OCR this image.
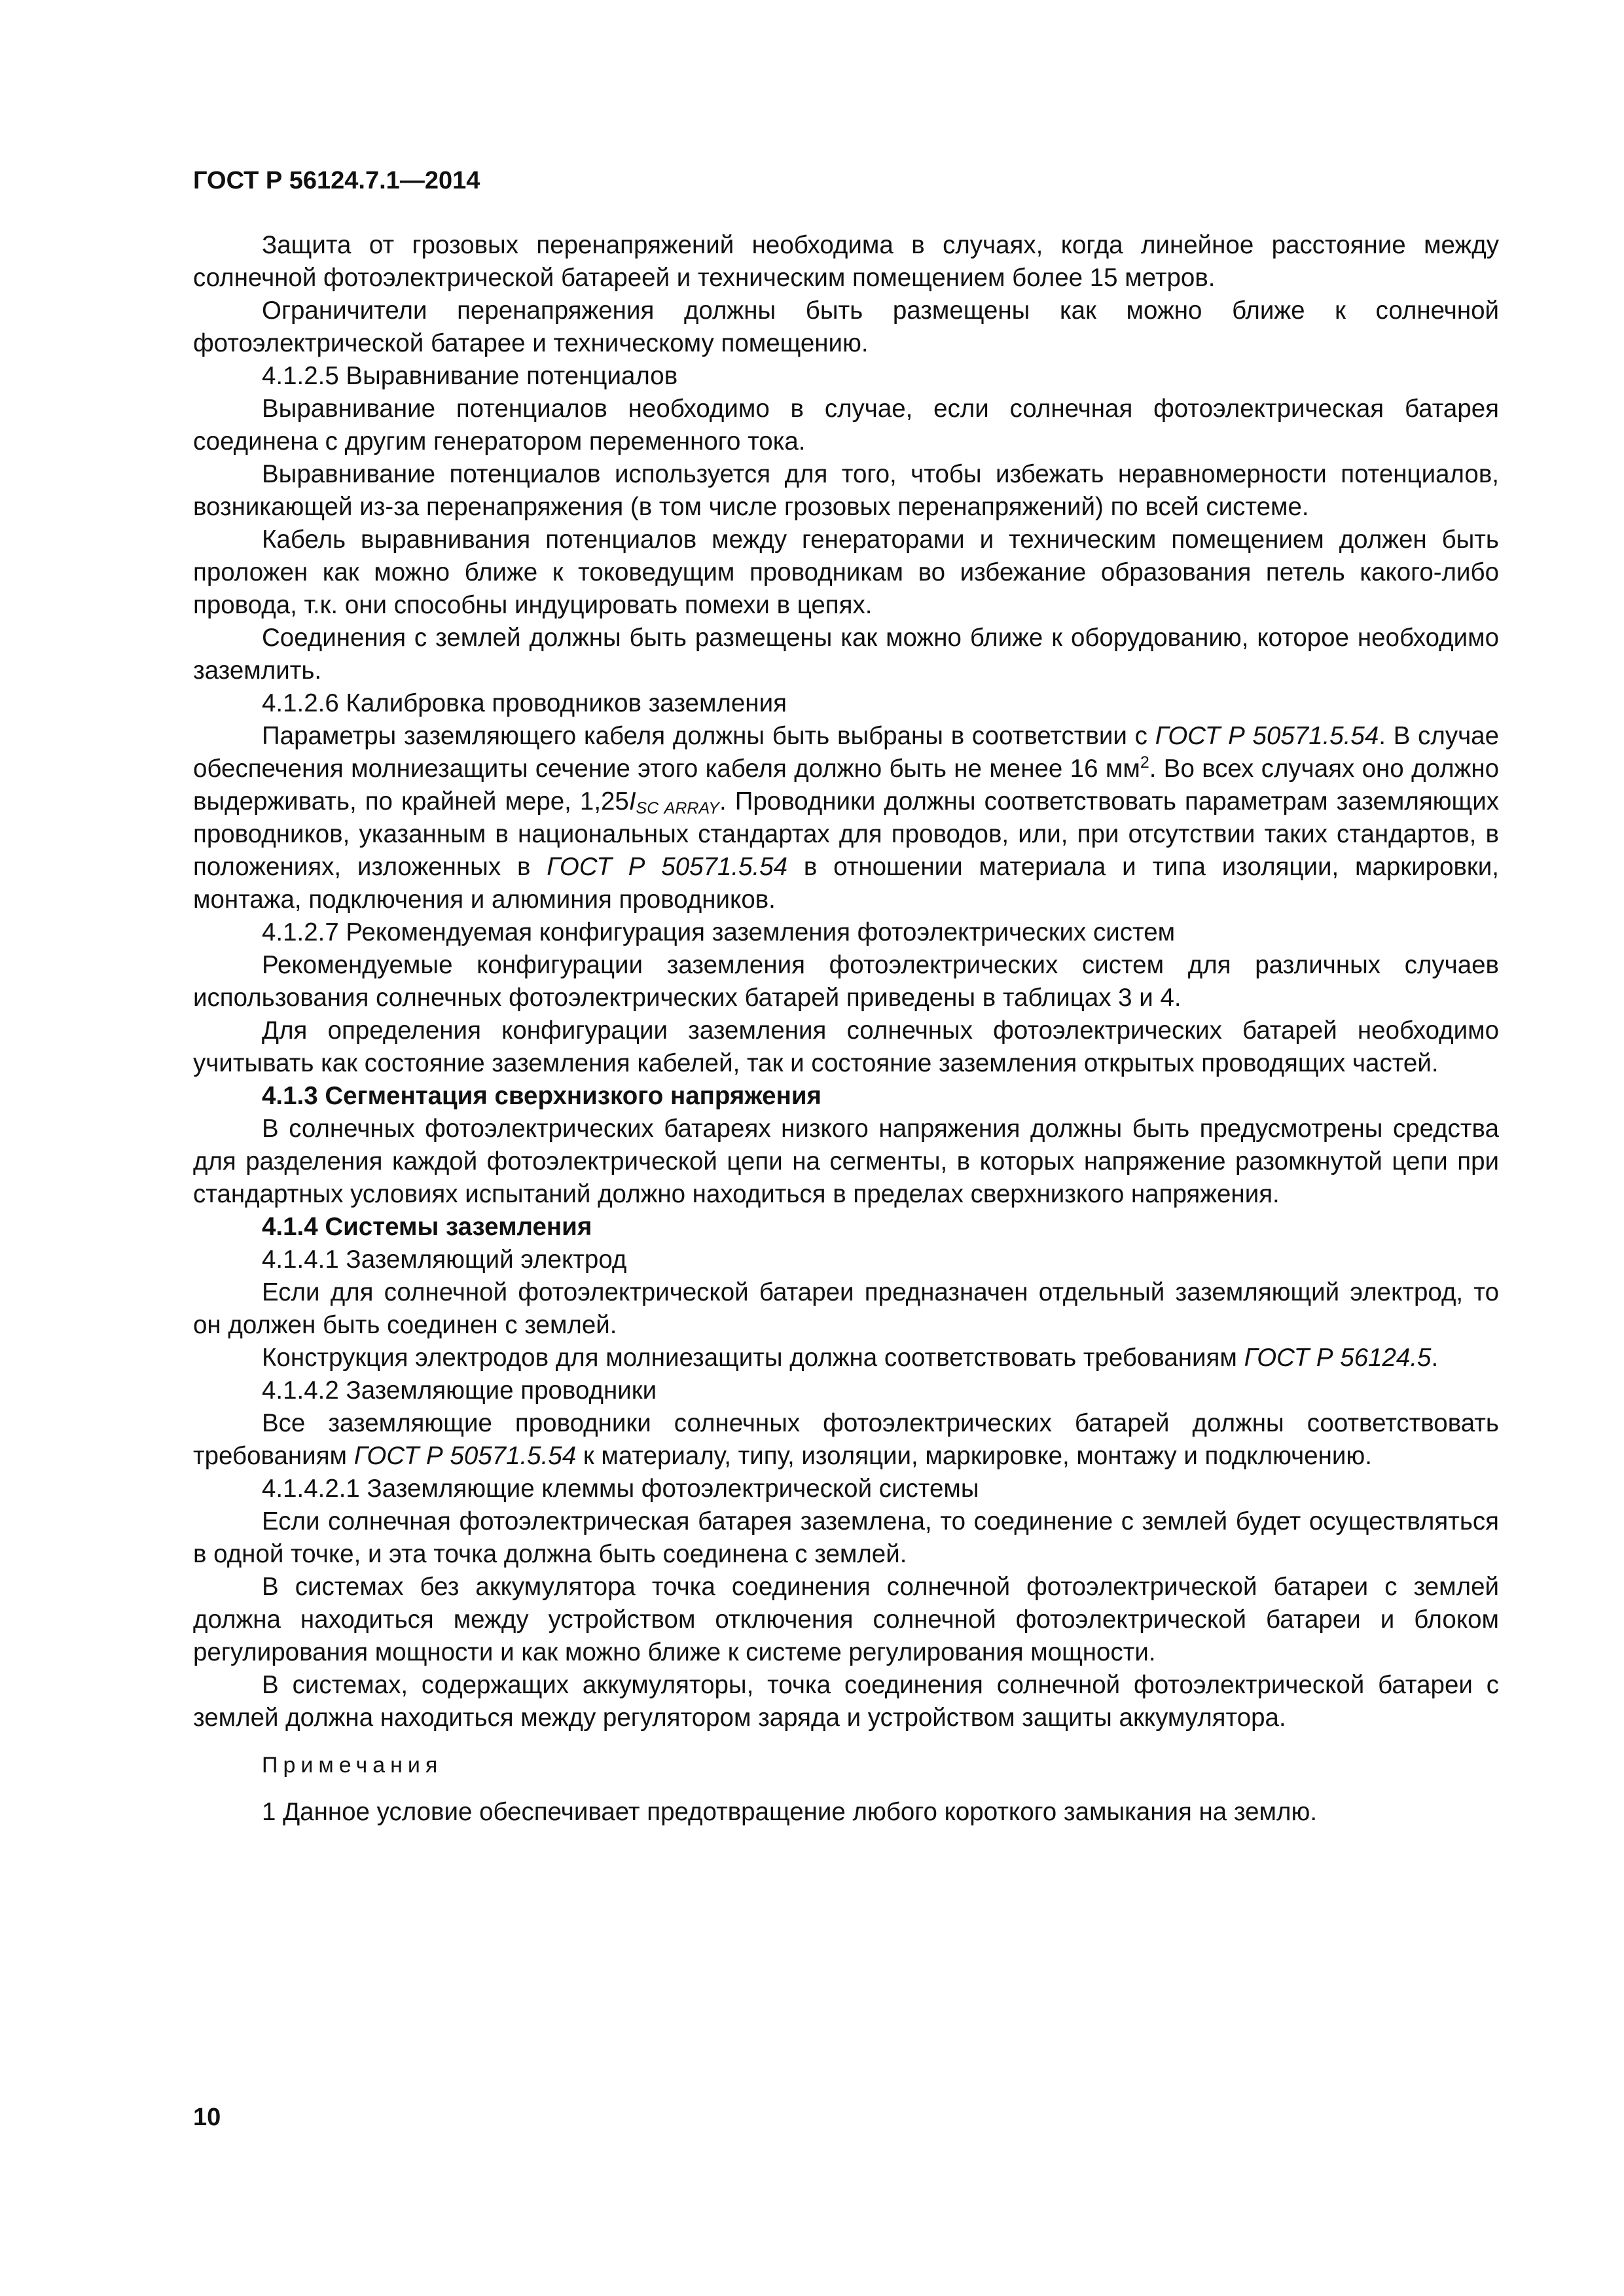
ГОСТ Р 56124.7.1—2014

Защита от грозовых перенапряжений необходима в случаях, когда линейное расстояние между солнечной фотоэлектрической батареей и техническим помещением более 15 метров.

Ограничители перенапряжения должны быть размещены как можно ближе к солнечной фотоэлектрической батарее и техническому помещению.

4.1.2.5 Выравнивание потенциалов

Выравнивание потенциалов необходимо в случае, если солнечная фотоэлектрическая батарея соединена с другим генератором переменного тока.

Выравнивание потенциалов используется для того, чтобы избежать неравномерности потенциалов, возникающей из-за перенапряжения (в том числе грозовых перенапряжений) по всей системе.

Кабель выравнивания потенциалов между генераторами и техническим помещением должен быть проложен как можно ближе к токоведущим проводникам во избежание образования петель какого-либо провода, т.к. они способны индуцировать помехи в цепях.

Соединения с землей должны быть размещены как можно ближе к оборудованию, которое необходимо заземлить.

4.1.2.6 Калибровка проводников заземления

Параметры заземляющего кабеля должны быть выбраны в соответствии с ГОСТ Р 50571.5.54. В случае обеспечения молниезащиты сечение этого кабеля должно быть не менее 16 $мм^2$. Во всех случаях оно должно выдерживать, по крайней мере, $1,25I_{SC ARRAY}$. Проводники должны соответствовать параметрам заземляющих проводников, указанным в национальных стандартах для проводов, или, при отсутствии таких стандартов, в положениях, изложенных в ГОСТ Р 50571.5.54 в отношении материала и типа изоляции, маркировки, монтажа, подключения и алюминия проводников.

4.1.2.7 Рекомендуемая конфигурация заземления фотоэлектрических систем

Рекомендуемые конфигурации заземления фотоэлектрических систем для различных случаев использования солнечных фотоэлектрических батарей приведены в таблицах 3 и 4.

Для определения конфигурации заземления солнечных фотоэлектрических батарей необходимо учитывать как состояние заземления кабелей, так и состояние заземления открытых проводящих частей.

4.1.3 Сегментация сверхнизкого напряжения

В солнечных фотоэлектрических батареях низкого напряжения должны быть предусмотрены средства для разделения каждой фотоэлектрической цепи на сегменты, в которых напряжение разомкнутой цепи при стандартных условиях испытаний должно находиться в пределах сверхнизкого напряжения.

4.1.4 Системы заземления

4.1.4.1 Заземляющий электрод

Если для солнечной фотоэлектрической батареи предназначен отдельный заземляющий электрод, то он должен быть соединен с землей.

Конструкция электродов для молниезащиты должна соответствовать требованиям ГОСТ Р 56124.5.

4.1.4.2 Заземляющие проводники

Все заземляющие проводники солнечных фотоэлектрических батарей должны соответствовать требованиям ГОСТ Р 50571.5.54 к материалу, типу, изоляции, маркировке, монтажу и подключению.

4.1.4.2.1 Заземляющие клеммы фотоэлектрической системы

Если солнечная фотоэлектрическая батарея заземлена, то соединение с землей будет осуществляться в одной точке, и эта точка должна быть соединена с землей.

В системах без аккумулятора точка соединения солнечной фотоэлектрической батареи с землей должна находиться между устройством отключения солнечной фотоэлектрической батареи и блоком регулирования мощности и как можно ближе к системе регулирования мощности.

В системах, содержащих аккумуляторы, точка соединения солнечной фотоэлектрической батареи с землей должна находиться между регулятором заряда и устройством защиты аккумулятора.

Примечания

1 Данное условие обеспечивает предотвращение любого короткого замыкания на землю.

10
